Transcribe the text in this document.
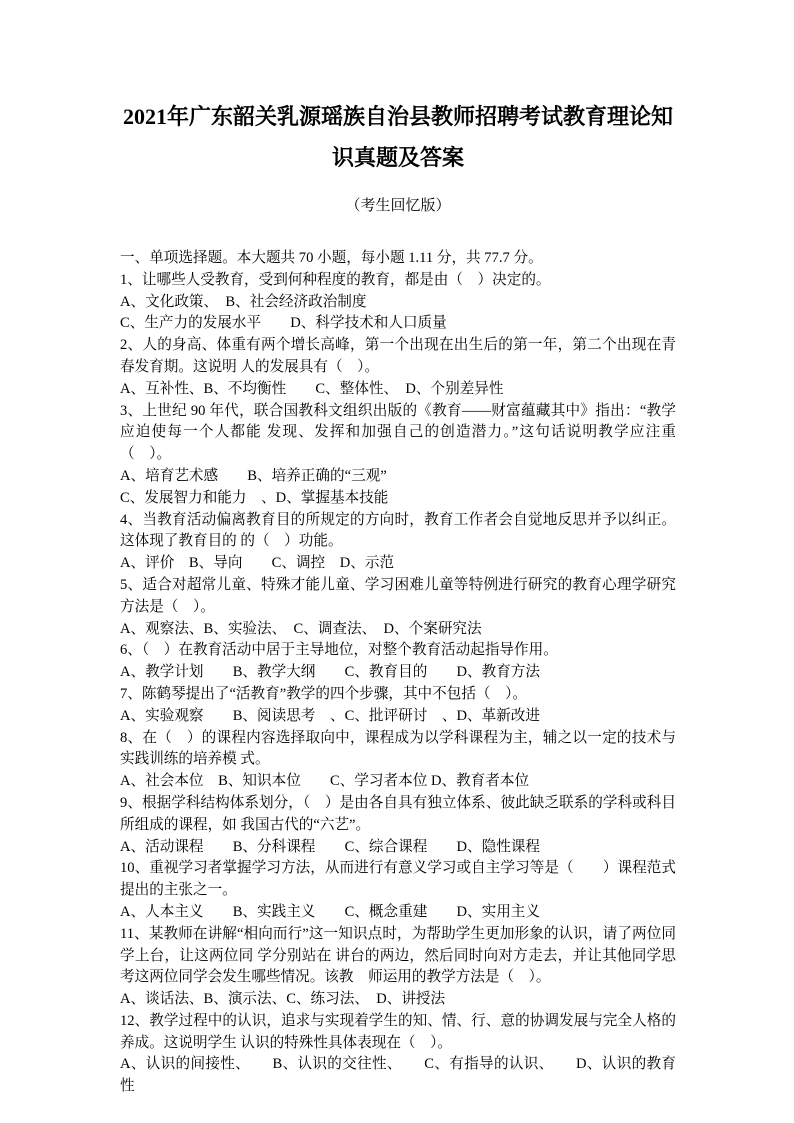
2021年广东韶关乳源瑶族自治县教师招聘考试教育理论知
识真题及答案
（考生回忆版）

一、单项选择题。本大题共 70 小题，每小题 1.11 分，共 77.7 分。

1、让哪些人受教育，受到何种程度的教育，都是由（　）决定的。

A、文化政策、　B、社会经济政治制度

C、生产力的发展水平　　D、科学技术和人口质量

2、人的身高、体重有两个增长高峰，第一个出现在出生后的第一年，第二个出现在青春发育期。这说明 人的发展具有（　）。

A、互补性、B、不均衡性　　C、整体性、　D、个别差异性

3、上世纪 90 年代，联合国教科文组织出版的《教育——财富蕴藏其中》指出：“教学应迫使每一个人都能 发现、发挥和加强自己的创造潜力。”这句话说明教学应注重（　）。

A、培育艺术感　　B、培养正确的“三观”

C、发展智力和能力　、D、掌握基本技能

4、当教育活动偏离教育目的所规定的方向时，教育工作者会自觉地反思并予以纠正。这体现了教育目的 的（　）功能。

A、评价　B、导向　　C、调控　D、示范

5、适合对超常儿童、特殊才能儿童、学习困难儿童等特例进行研究的教育心理学研究方法是（　）。

A、观察法、B、实验法、　C、调查法、　D、个案研究法

6、（　）在教育活动中居于主导地位，对整个教育活动起指导作用。

A、教学计划　　B、教学大纲　　C、教育目的　　D、教育方法

7、陈鹤琴提出了“活教育”教学的四个步骤，其中不包括（　）。

A、实验观察　　B、阅读思考　、C、批评研讨　、D、革新改进

8、在（　）的课程内容选择取向中，课程成为以学科课程为主，辅之以一定的技术与实践训练的培养模 式。

A、社会本位　B、知识本位　　C、学习者本位 D、教育者本位

9、根据学科结构体系划分，（　）是由各自具有独立体系、彼此缺乏联系的学科或科目所组成的课程，如 我国古代的“六艺”。

A、活动课程　　B、分科课程　　C、综合课程　　D、隐性课程

10、重视学习者掌握学习方法，从而进行有意义学习或自主学习等是（　　）课程范式提出的主张之一。

A、人本主义　　B、实践主义　　C、概念重建　　D、实用主义

11、某教师在讲解“相向而行”这一知识点时，为帮助学生更加形象的认识，请了两位同学上台，让这两位同 学分别站在 讲台的两边，然后同时向对方走去，并让其他同学思考这两位同学会发生哪些情况。该教　师运用的教学方法是（　）。

A、谈话法、B、演示法、C、练习法、　D、讲授法

12、教学过程中的认识，追求与实现着学生的知、情、行、意的协调发展与完全人格的养成。这说明学生 认识的特殊性具体表现在（　）。

A、认识的间接性、　　B、认识的交往性、　　C、有指导的认识、　　D、认识的教育性
